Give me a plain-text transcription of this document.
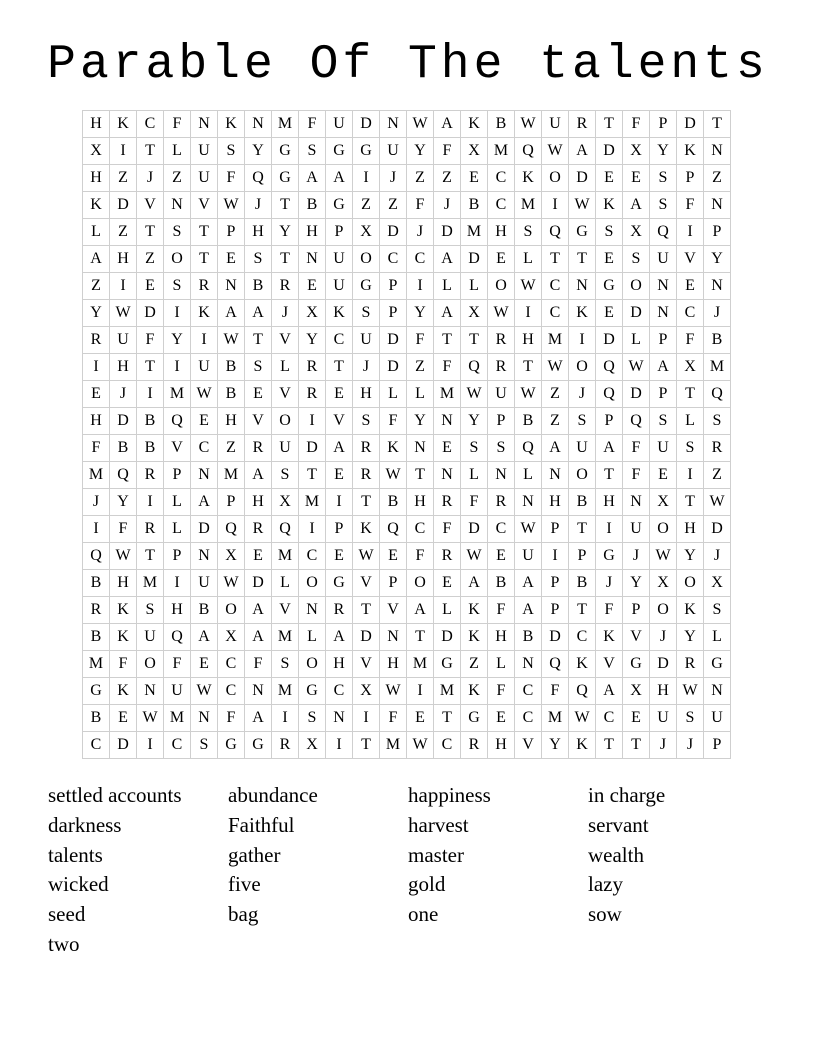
Parable Of The talents
H	K	C	F	N	K	N	M	F	U	D	N	W	A	K	B	W	U	R	T	F	P	D	T
X	I	T	L	U	S	Y	G	S	G	G	U	Y	F	X	M	Q	W	A	D	X	Y	K	N
H	Z	J	Z	U	F	Q	G	A	A	I	J	Z	Z	E	C	K	O	D	E	E	S	P	Z
K	D	V	N	V	W	J	T	B	G	Z	Z	F	J	B	C	M	I	W	K	A	S	F	N
L	Z	T	S	T	P	H	Y	H	P	X	D	J	D	M	H	S	Q	G	S	X	Q	I	P
A	H	Z	O	T	E	S	T	N	U	O	C	C	A	D	E	L	T	T	E	S	U	V	Y
Z	I	E	S	R	N	B	R	E	U	G	P	I	L	L	O	W	C	N	G	O	N	E	N
Y	W	D	I	K	A	A	J	X	K	S	P	Y	A	X	W	I	C	K	E	D	N	C	J
R	U	F	Y	I	W	T	V	Y	C	U	D	F	T	T	R	H	M	I	D	L	P	F	B
I	H	T	I	U	B	S	L	R	T	J	D	Z	F	Q	R	T	W	O	Q	W	A	X	M
E	J	I	M	W	B	E	V	R	E	H	L	L	M	W	U	W	Z	J	Q	D	P	T	Q
H	D	B	Q	E	H	V	O	I	V	S	F	Y	N	Y	P	B	Z	S	P	Q	S	L	S
F	B	B	V	C	Z	R	U	D	A	R	K	N	E	S	S	Q	A	U	A	F	U	S	R
M	Q	R	P	N	M	A	S	T	E	R	W	T	N	L	N	L	N	O	T	F	E	I	Z
J	Y	I	L	A	P	H	X	M	I	T	B	H	R	F	R	N	H	B	H	N	X	T	W
I	F	R	L	D	Q	R	Q	I	P	K	Q	C	F	D	C	W	P	T	I	U	O	H	D
Q	W	T	P	N	X	E	M	C	E	W	E	F	R	W	E	U	I	P	G	J	W	Y	J
B	H	M	I	U	W	D	L	O	G	V	P	O	E	A	B	A	P	B	J	Y	X	O	X
R	K	S	H	B	O	A	V	N	R	T	V	A	L	K	F	A	P	T	F	P	O	K	S
B	K	U	Q	A	X	A	M	L	A	D	N	T	D	K	H	B	D	C	K	V	J	Y	L
M	F	O	F	E	C	F	S	O	H	V	H	M	G	Z	L	N	Q	K	V	G	D	R	G
G	K	N	U	W	C	N	M	G	C	X	W	I	M	K	F	C	F	Q	A	X	H	W	N
B	E	W	M	N	F	A	I	S	N	I	F	E	T	G	E	C	M	W	C	E	U	S	U
C	D	I	C	S	G	G	R	X	I	T	M	W	C	R	H	V	Y	K	T	T	J	J	P
settled accounts	abundance	happiness	in charge
darkness	Faithful	harvest	servant
talents	gather	master	wealth
wicked	five	gold	lazy
seed	bag	one	sow
two
